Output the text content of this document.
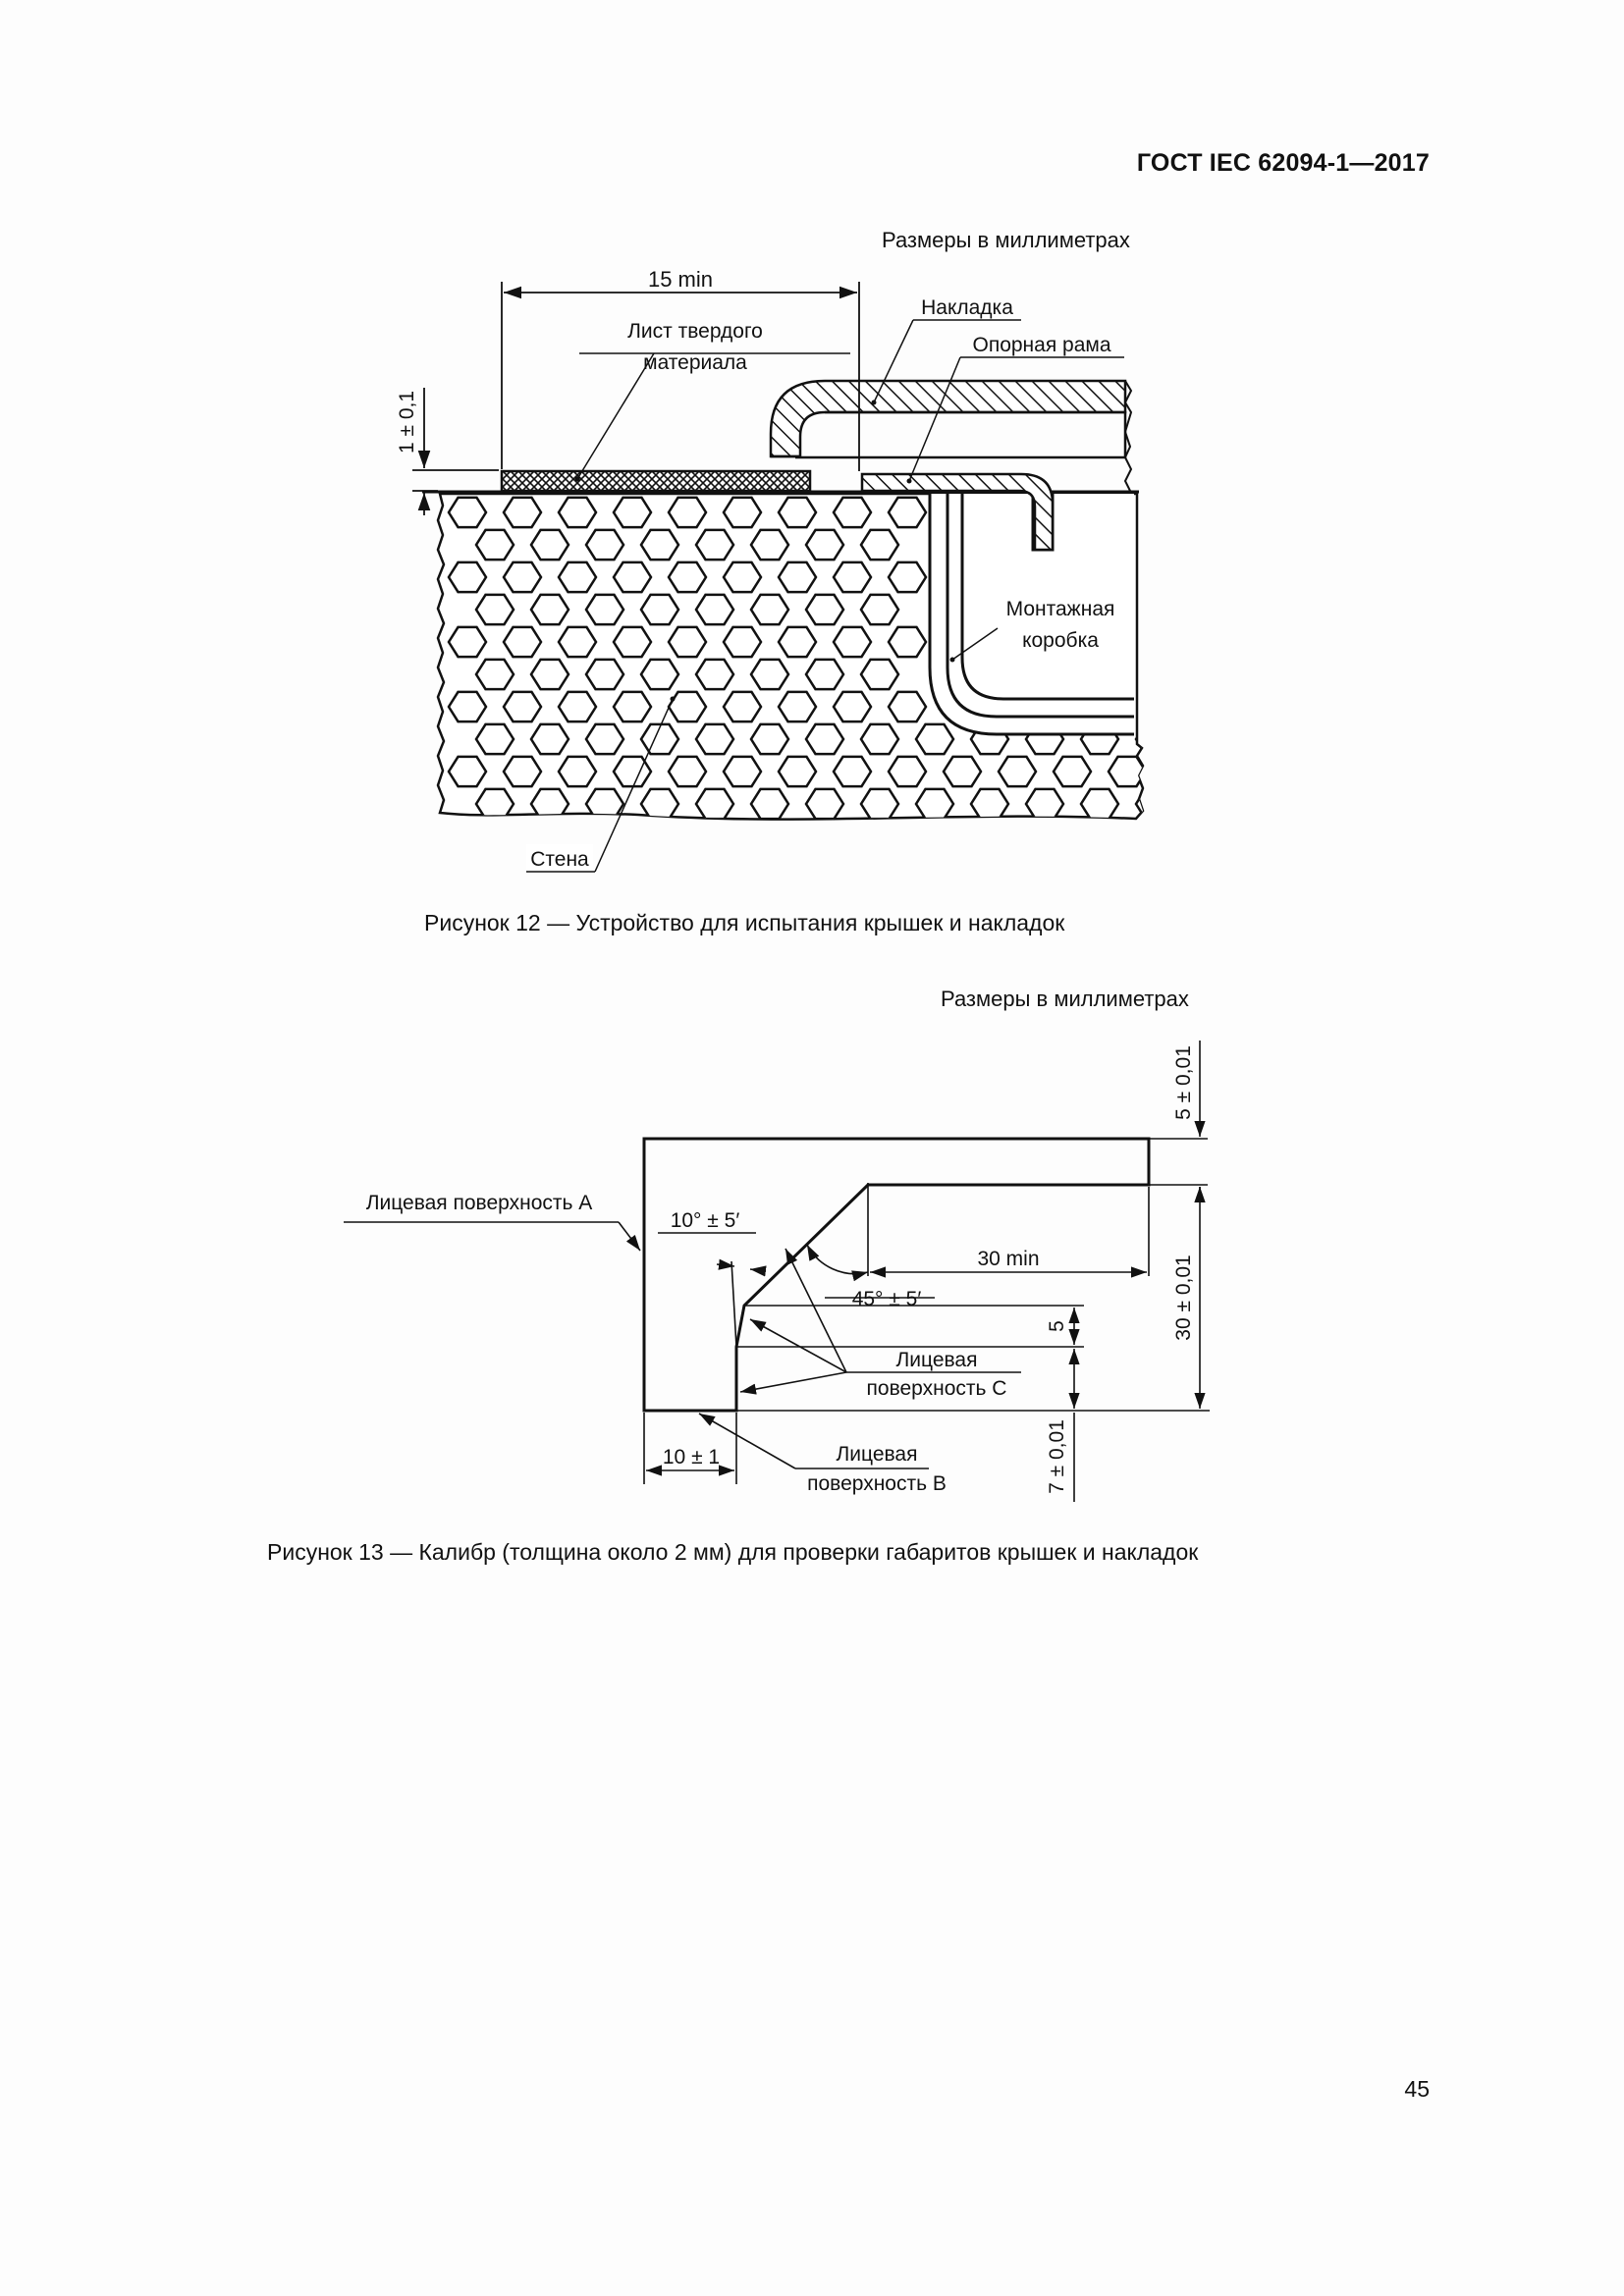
ГОСТ IEC 62094-1—2017
Размеры в миллиметрах
15 min
1 ± 0,1
Лист твердого
материала
Накладка
Опорная рама
Монтажная
коробка
Стена
Лицевая поверхность А
Лицевая
поверхность С
Лицевая
поверхность В
10° ± 5′
45° ± 5′
30 min
5
5 ± 0,01
30 ± 0,01
7 ± 0,01
10 ± 1
Рисунок 12 — Устройство для испытания крышек и накладок
Размеры в миллиметрах
Рисунок 13 — Калибр (толщина около 2 мм) для проверки габаритов крышек и накладок
45
